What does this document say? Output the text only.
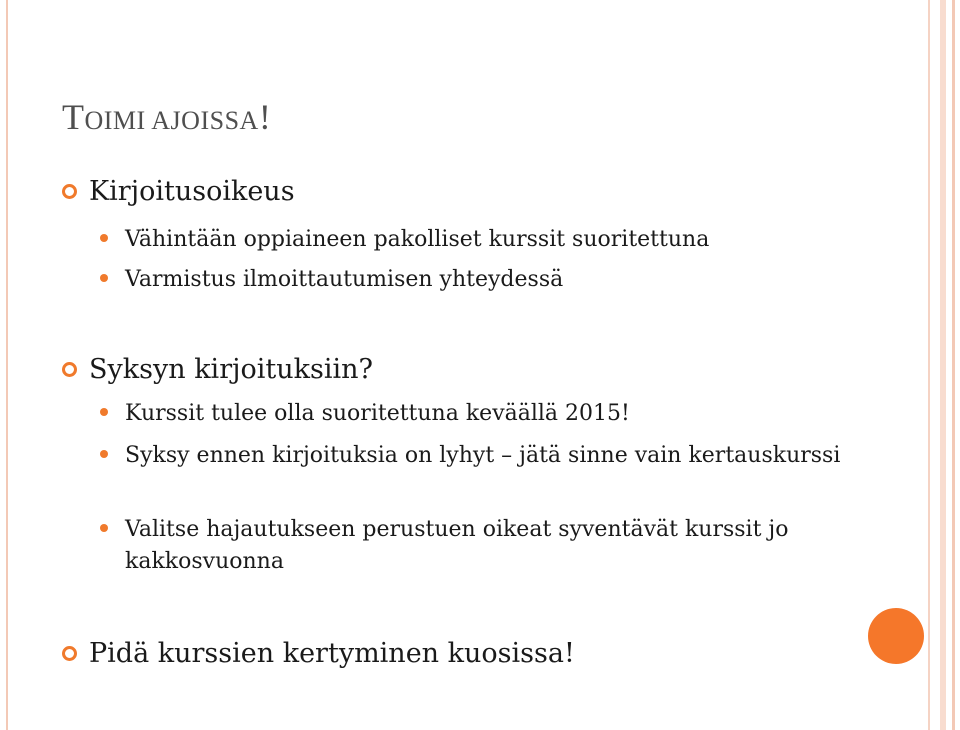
TOIMI AJOISSA!
Kirjoitusoikeus
Vähintään oppiaineen pakolliset kurssit suoritettuna
Varmistus ilmoittautumisen yhteydessä
Syksyn kirjoituksiin?
Kurssit tulee olla suoritettuna keväällä 2015!
Syksy ennen kirjoituksia on lyhyt – jätä sinne vain kertauskurssi
Valitse hajautukseen perustuen oikeat syventävät kurssit jo kakkosvuonna
Pidä kurssien kertyminen kuosissa!
